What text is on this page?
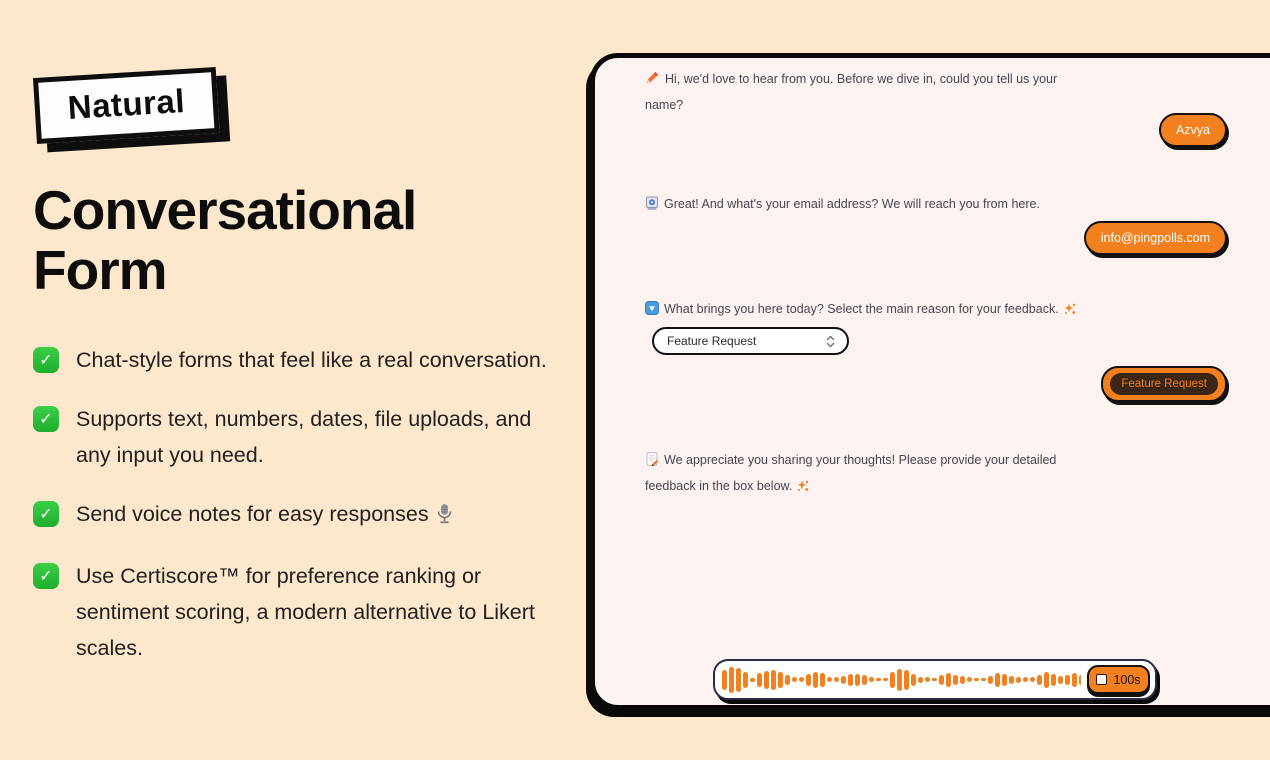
Natural
Conversational
Form
✓ Chat-style forms that feel like a real conversation.
✓ Supports text, numbers, dates, file uploads, and any input you need.
✓ Send voice notes for easy responses
✓ Use Certiscore™ for preference ranking or sentiment scoring, a modern alternative to Likert scales.
Hi, we'd love to hear from you. Before we dive in, could you tell us your name?
Azvya
Great! And what's your email address? We will reach you from here.
info@pingpolls.com
What brings you here today? Select the main reason for your feedback.
Feature Request
Feature Request
We appreciate you sharing your thoughts! Please provide your detailed feedback in the box below.
100s
